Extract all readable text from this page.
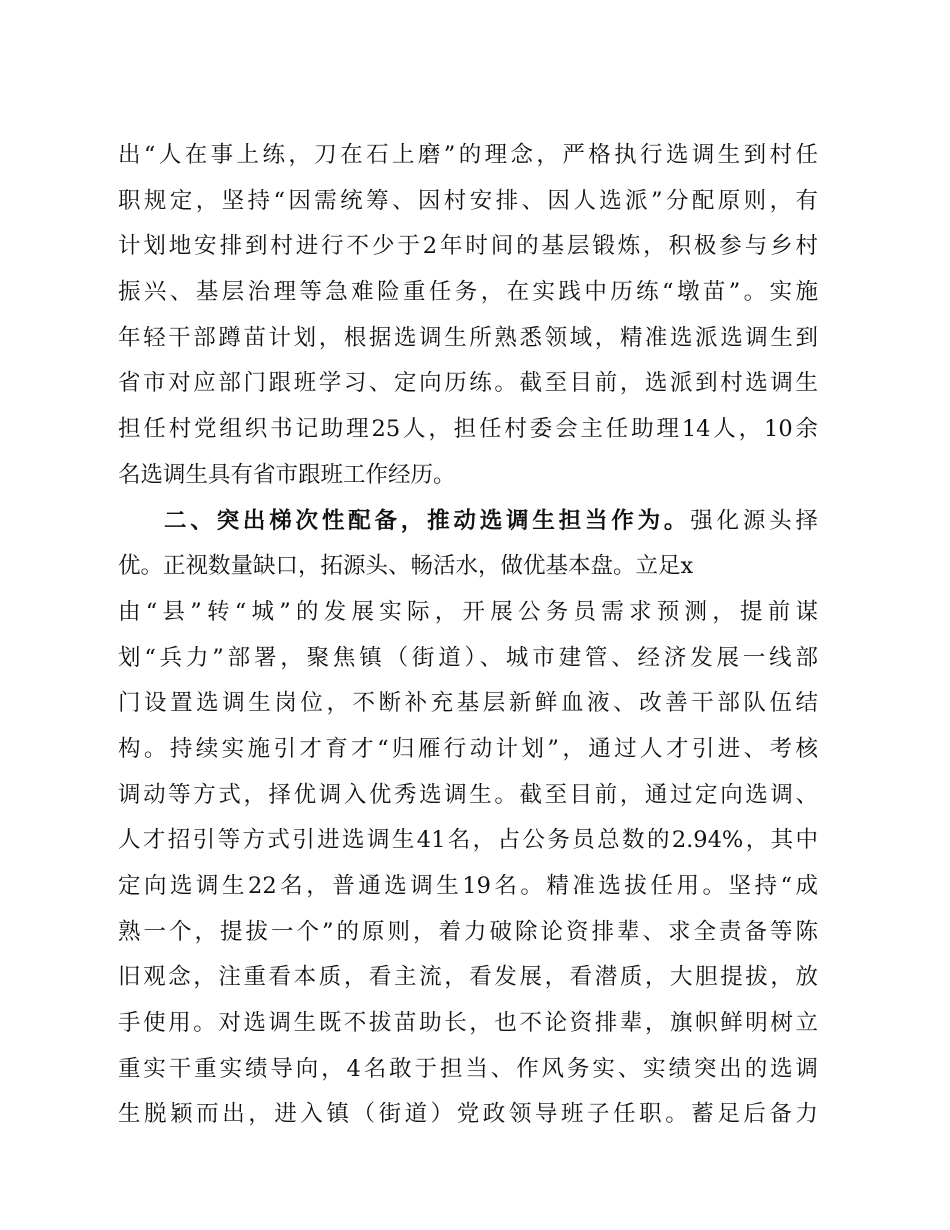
出“人在事上练，刀在石上磨”的理念，严格执行选调生到村任
职规定，坚持“因需统筹、因村安排、因人选派”分配原则，有
计划地安排到村进行不少于2年时间的基层锻炼，积极参与乡村
振兴、基层治理等急难险重任务，在实践中历练“墩苗”。实施
年轻干部蹲苗计划，根据选调生所熟悉领域，精准选派选调生到
省市对应部门跟班学习、定向历练。截至目前，选派到村选调生
担任村党组织书记助理25人，担任村委会主任助理14人，10余
名选调生具有省市跟班工作经历。
二、突出梯次性配备，推动选调生担当作为。强化源头择
优。正视数量缺口，拓源头、畅活水，做优基本盘。立足x
由“县”转“城”的发展实际，开展公务员需求预测，提前谋
划“兵力”部署，聚焦镇（街道）、城市建管、经济发展一线部
门设置选调生岗位，不断补充基层新鲜血液、改善干部队伍结
构。持续实施引才育才“归雁行动计划”，通过人才引进、考核
调动等方式，择优调入优秀选调生。截至目前，通过定向选调、
人才招引等方式引进选调生41名，占公务员总数的2.94%，其中
定向选调生22名，普通选调生19名。精准选拔任用。坚持“成
熟一个，提拔一个”的原则，着力破除论资排辈、求全责备等陈
旧观念，注重看本质，看主流，看发展，看潜质，大胆提拔，放
手使用。对选调生既不拔苗助长，也不论资排辈，旗帜鲜明树立
重实干重实绩导向，4名敢于担当、作风务实、实绩突出的选调
生脱颖而出，进入镇（街道）党政领导班子任职。蓄足后备力
